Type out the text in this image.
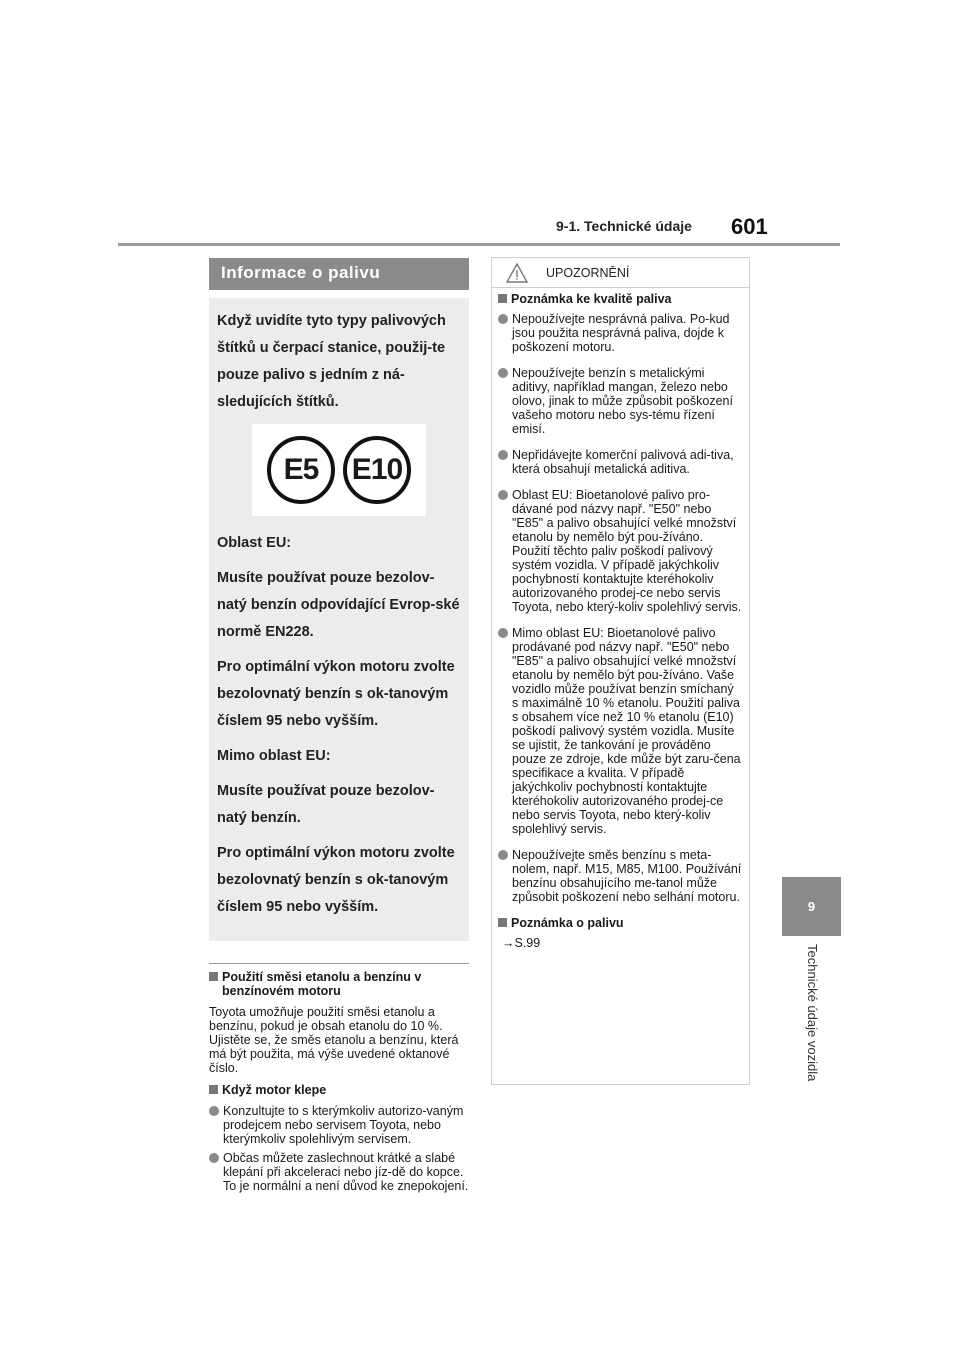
9-1. Technické údaje 601
9
Technické údaje vozidla
Informace o palivu

Když uvidíte tyto typy palivových štítků u čerpací stanice, použij-te pouze palivo s jedním z ná-sledujících štítků.

E5	E10

Oblast EU:

Musíte používat pouze bezolov-natý benzín odpovídající Evrop-ské normě EN228.

Pro optimální výkon motoru zvolte bezolovnatý benzín s ok-tanovým číslem 95 nebo vyšším.

Mimo oblast EU:

Musíte používat pouze bezolov-natý benzín.

Pro optimální výkon motoru zvolte bezolovnatý benzín s ok-tanovým číslem 95 nebo vyšším.

Použití směsi etanolu a benzínu v benzínovém motoru
Toyota umožňuje použití směsi etanolu a benzínu, pokud je obsah etanolu do 10 %. Ujistěte se, že směs etanolu a benzínu, která má být použita, má výše uvedené oktanové číslo.
Když motor klepe
Konzultujte to s kterýmkoliv autorizo-vaným prodejcem nebo servisem Toyota, nebo kterýmkoliv spolehlivým servisem.
Občas můžete zaslechnout krátké a slabé klepání při akceleraci nebo jíz-dě do kopce. To je normální a není důvod ke znepokojení.
UPOZORNĚNÍ
Poznámka ke kvalitě paliva
Nepoužívejte nesprávná paliva. Po-kud jsou použita nesprávná paliva, dojde k poškození motoru.
Nepoužívejte benzín s metalickými aditivy, například mangan, železo nebo olovo, jinak to může způsobit poškození vašeho motoru nebo sys-tému řízení emisí.
Nepřidávejte komerční palivová adi-tiva, která obsahují metalická aditiva.
Oblast EU: Bioetanolové palivo pro-dávané pod názvy např. "E50" nebo "E85" a palivo obsahující velké množství etanolu by nemělo být pou-žíváno. Použití těchto paliv poškodí palivový systém vozidla. V případě jakýchkoliv pochybností kontaktujte kteréhokoliv autorizovaného prodej-ce nebo servis Toyota, nebo který-koliv spolehlivý servis.
Mimo oblast EU: Bioetanolové palivo prodávané pod názvy např. "E50" nebo "E85" a palivo obsahující velké množství etanolu by nemělo být pou-žíváno. Vaše vozidlo může používat benzín smíchaný s maximálně 10 % etanolu. Použití paliva s obsahem více než 10 % etanolu (E10) poškodí palivový systém vozidla. Musíte se ujistit, že tankování je prováděno pouze ze zdroje, kde může být zaru-čena specifikace a kvalita. V případě jakýchkoliv pochybností kontaktujte kteréhokoliv autorizovaného prodej-ce nebo servis Toyota, nebo který-koliv spolehlivý servis.
Nepoužívejte směs benzínu s meta-nolem, např. M15, M85, M100. Používání benzínu obsahujícího me-tanol může způsobit poškození nebo selhání motoru.
Poznámka o palivu
→S.99
